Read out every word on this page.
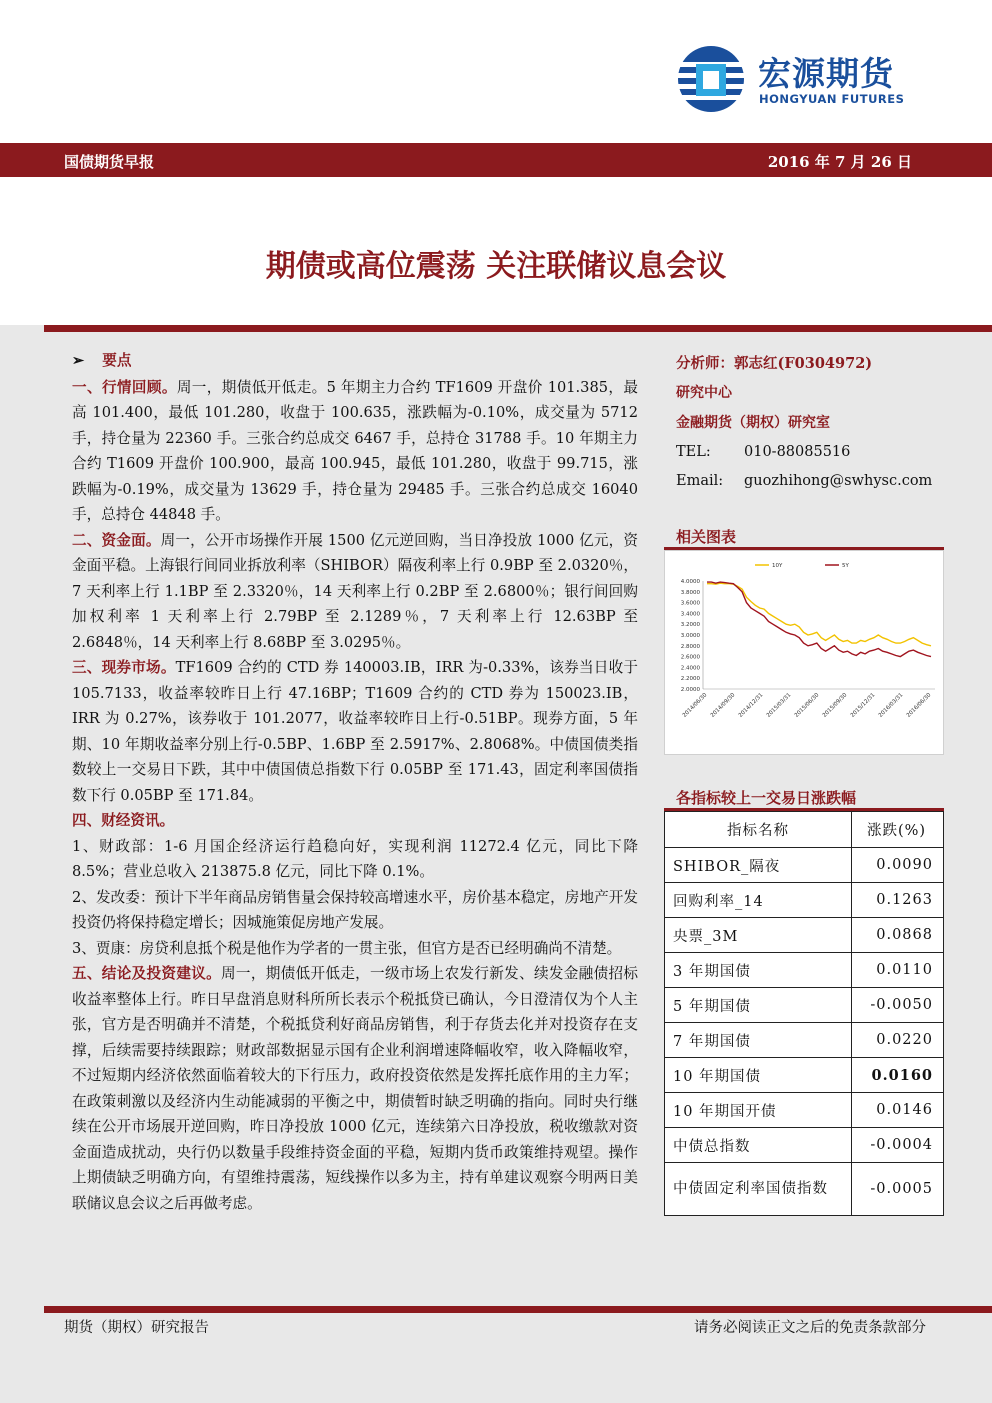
宏源期货
HONGYUAN FUTURES
国债期货早报	2016 年 7 月 26 日
期债或高位震荡 关注联储议息会议

➢ 要点

一、行情回顾。周一，期债低开低走。5 年期主力合约 TF1609 开盘价 101.385，最高 101.400，最低 101.280，收盘于 100.635，涨跌幅为-0.10%，成交量为 5712 手，持仓量为 22360 手。三张合约总成交 6467 手，总持仓 31788 手。10 年期主力合约 T1609 开盘价 100.900，最高 100.945，最低 101.280，收盘于 99.715，涨跌幅为-0.19%，成交量为 13629 手，持仓量为 29485 手。三张合约总成交 16040 手，总持仓 44848 手。

二、资金面。周一，公开市场操作开展 1500 亿元逆回购，当日净投放 1000 亿元，资金面平稳。上海银行间同业拆放利率（SHIBOR）隔夜利率上行 0.9BP 至 2.0320％，7 天利率上行 1.1BP 至 2.3320％，14 天利率上行 0.2BP 至 2.6800％；银行间回购加权利率 1 天利率上行 2.79BP 至 2.1289％，7 天利率上行 12.63BP 至 2.6848％，14 天利率上行 8.68BP 至 3.0295％。

三、现券市场。TF1609 合约的 CTD 券 140003.IB，IRR 为-0.33%，该券当日收于 105.7133，收益率较昨日上行 47.16BP；T1609 合约的 CTD 券为 150023.IB，IRR 为 0.27%，该券收于 101.2077，收益率较昨日上行-0.51BP。现券方面，5 年期、10 年期收益率分别上行-0.5BP、1.6BP 至 2.5917%、2.8068%。中债国债类指数较上一交易日下跌，其中中债国债总指数下行 0.05BP 至 171.43，固定利率国债指数下行 0.05BP 至 171.84。

四、财经资讯。

1、财政部：1-6 月国企经济运行趋稳向好，实现利润 11272.4 亿元，同比下降 8.5%；营业总收入 213875.8 亿元，同比下降 0.1%。

2、发改委：预计下半年商品房销售量会保持较高增速水平，房价基本稳定，房地产开发投资仍将保持稳定增长；因城施策促房地产发展。

3、贾康：房贷利息抵个税是他作为学者的一贯主张，但官方是否已经明确尚不清楚。

五、结论及投资建议。周一，期债低开低走，一级市场上农发行新发、续发金融债招标收益率整体上行。昨日早盘消息财科所所长表示个税抵贷已确认，今日澄清仅为个人主张，官方是否明确并不清楚，个税抵贷利好商品房销售，利于存货去化并对投资存在支撑，后续需要持续跟踪；财政部数据显示国有企业利润增速降幅收窄，收入降幅收窄，不过短期内经济依然面临着较大的下行压力，政府投资依然是发挥托底作用的主力军；在政策刺激以及经济内生动能减弱的平衡之中，期债暂时缺乏明确的指向。同时央行继续在公开市场展开逆回购，昨日净投放 1000 亿元，连续第六日净投放，税收缴款对资金面造成扰动，央行仍以数量手段维持资金面的平稳，短期内货币政策维持观望。操作上期债缺乏明确方向，有望维持震荡，短线操作以多为主，持有单建议观察今明两日美联储议息会议之后再做考虑。

分析师：郭志红(F0304972)
研究中心
金融期货（期权）研究室
TEL: 010-88085516
Email: guozhihong@swhysc.com
相关图表
2.0000
2.2000
2.4000
2.6000
2.8000
3.0000
3.2000
3.4000
3.6000
3.8000
4.0000
2014/06/30 2014/09/30 2014/12/31 2015/03/31 2015/06/30 2015/09/30 2015/12/31 2016/03/31 2016/06/30
10Y	5Y
各指标较上一交易日涨跌幅
指标名称	涨跌(%)
SHIBOR_隔夜	0.0090
回购利率_14	0.1263
央票_3M	0.0868
3 年期国债	0.0110
5 年期国债	-0.0050
7 年期国债	0.0220
10 年期国债	0.0160
10 年期国开债	0.0146
中债总指数	-0.0004
中债固定利率国债指数	-0.0005
期货（期权）研究报告	请务必阅读正文之后的免责条款部分
